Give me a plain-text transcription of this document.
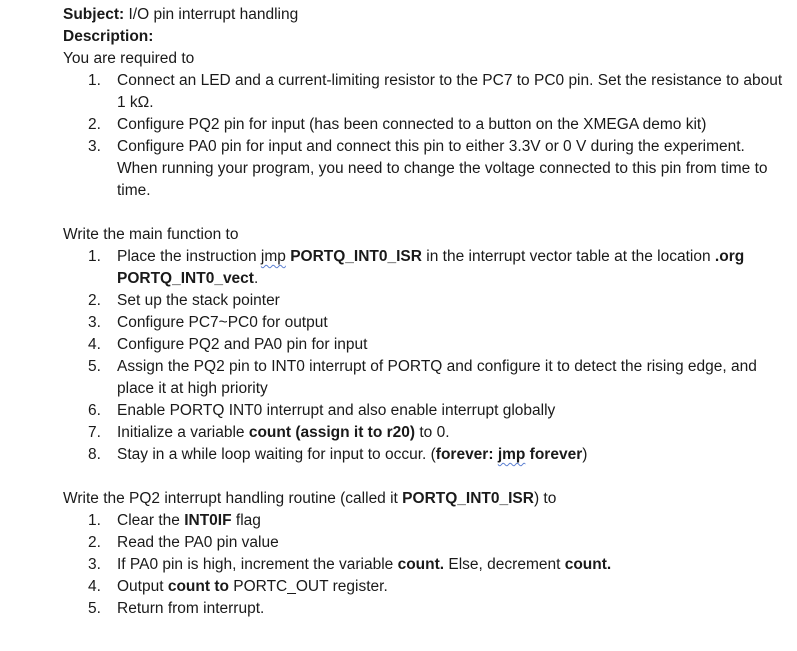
Subject: I/O pin interrupt handling
Description:
You are required to
1.	Connect an LED and a current-limiting resistor to the PC7 to PC0 pin. Set the resistance to about 1 kΩ.
2.	Configure PQ2 pin for input (has been connected to a button on the XMEGA demo kit)
3.	Configure PA0 pin for input and connect this pin to either 3.3V or 0 V during the experiment. When running your program, you need to change the voltage connected to this pin from time to time.
Write the main function to
1.	Place the instruction jmp PORTQ_INT0_ISR in the interrupt vector table at the location .org PORTQ_INT0_vect.
2.	Set up the stack pointer
3.	Configure PC7~PC0 for output
4.	Configure PQ2 and PA0 pin for input
5.	Assign the PQ2 pin to INT0 interrupt of PORTQ and configure it to detect the rising edge, and place it at high priority
6.	Enable PORTQ INT0 interrupt and also enable interrupt globally
7.	Initialize a variable count (assign it to r20) to 0.
8.	Stay in a while loop waiting for input to occur. (forever: jmp forever)
Write the PQ2 interrupt handling routine (called it PORTQ_INT0_ISR) to
1.	Clear the INT0IF flag
2.	Read the PA0 pin value
3.	If PA0 pin is high, increment the variable count. Else, decrement count.
4.	Output count to PORTC_OUT register.
5.	Return from interrupt.
